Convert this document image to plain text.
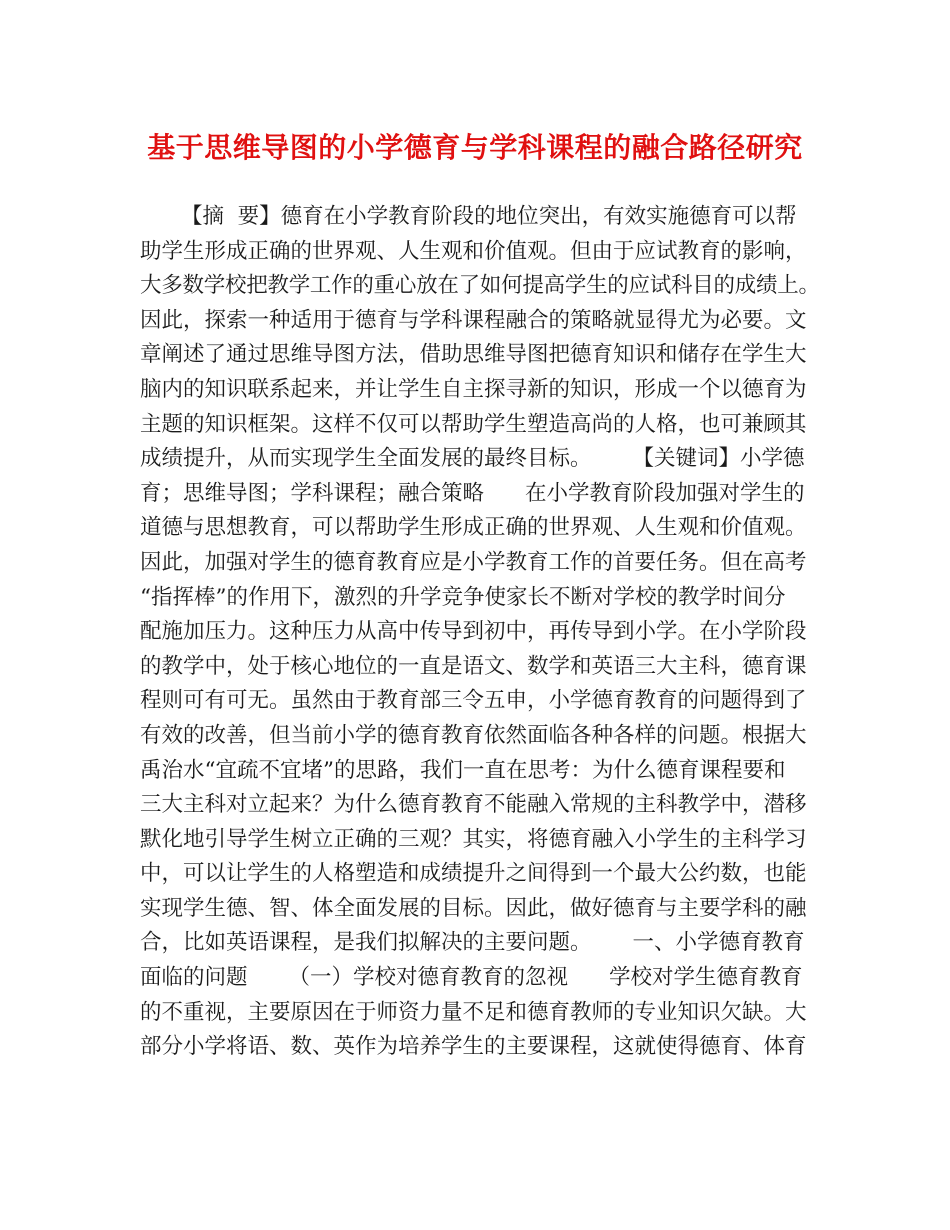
基于思维导图的小学德育与学科课程的融合路径研究
【摘  要】德育在小学教育阶段的地位突出，有效实施德育可以帮
助学生形成正确的世界观、人生观和价值观。但由于应试教育的影响，
大多数学校把教学工作的重心放在了如何提高学生的应试科目的成绩上。
因此，探索一种适用于德育与学科课程融合的策略就显得尤为必要。文
章阐述了通过思维导图方法，借助思维导图把德育知识和储存在学生大
脑内的知识联系起来，并让学生自主探寻新的知识，形成一个以德育为
主题的知识框架。这样不仅可以帮助学生塑造高尚的人格，也可兼顾其
成绩提升，从而实现学生全面发展的最终目标。      【关键词】小学德
育；思维导图；学科课程；融合策略      在小学教育阶段加强对学生的
道德与思想教育，可以帮助学生形成正确的世界观、人生观和价值观。
因此，加强对学生的德育教育应是小学教育工作的首要任务。但在高考
“指挥棒”的作用下，激烈的升学竞争使家长不断对学校的教学时间分
配施加压力。这种压力从高中传导到初中，再传导到小学。在小学阶段
的教学中，处于核心地位的一直是语文、数学和英语三大主科，德育课
程则可有可无。虽然由于教育部三令五申，小学德育教育的问题得到了
有效的改善，但当前小学的德育教育依然面临各种各样的问题。根据大
禹治水“宜疏不宜堵”的思路，我们一直在思考：为什么德育课程要和
三大主科对立起来？为什么德育教育不能融入常规的主科教学中，潜移
默化地引导学生树立正确的三观？其实，将德育融入小学生的主科学习
中，可以让学生的人格塑造和成绩提升之间得到一个最大公约数，也能
实现学生德、智、体全面发展的目标。因此，做好德育与主要学科的融
合，比如英语课程，是我们拟解决的主要问题。      一、小学德育教育
面临的问题      （一）学校对德育教育的忽视      学校对学生德育教育
的不重视，主要原因在于师资力量不足和德育教师的专业知识欠缺。大
部分小学将语、数、英作为培养学生的主要课程，这就使得德育、体育
